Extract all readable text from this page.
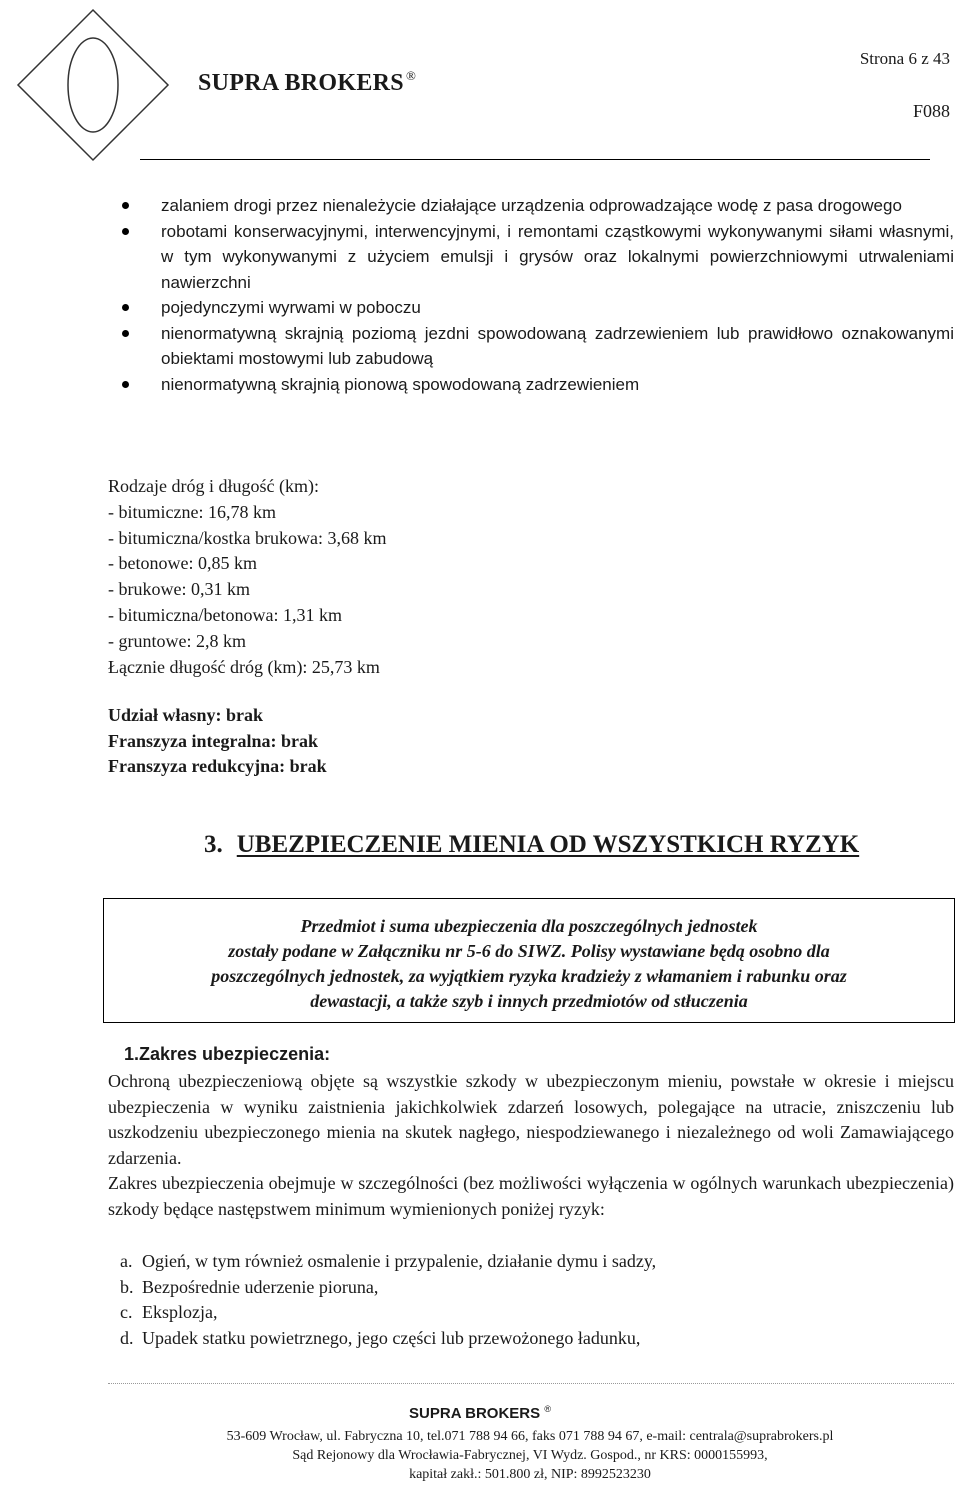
SUPRA BROKERS ®
Strona 6 z 43
F088
zalaniem drogi przez nienależycie działające urządzenia odprowadzające wodę z pasa drogowego
robotami konserwacyjnymi, interwencyjnymi, i remontami cząstkowymi wykonywanymi siłami własnymi, w tym wykonywanymi z użyciem emulsji i grysów oraz lokalnymi powierzchniowymi utrwaleniami nawierzchni
pojedynczymi wyrwami w poboczu
nienormatywną skrajnią poziomą jezdni spowodowaną zadrzewieniem lub prawidłowo oznakowanymi obiektami mostowymi lub zabudową
nienormatywną skrajnią pionową spowodowaną zadrzewieniem
Rodzaje dróg i długość (km):
- bitumiczne: 16,78 km
- bitumiczna/kostka brukowa: 3,68 km
- betonowe: 0,85 km
- brukowe: 0,31 km
- bitumiczna/betonowa: 1,31 km
- gruntowe: 2,8 km
Łącznie długość dróg (km): 25,73 km
Udział własny: brak
Franszyza integralna: brak
Franszyza redukcyjna: brak
3. UBEZPIECZENIE MIENIA OD WSZYSTKICH RYZYK
Przedmiot i suma ubezpieczenia dla poszczególnych jednostek
zostały podane w Załączniku nr 5-6 do SIWZ. Polisy wystawiane będą osobno dla
poszczególnych jednostek, za wyjątkiem ryzyka kradzieży z włamaniem i rabunku oraz
dewastacji, a także szyb i innych przedmiotów od stłuczenia
1.Zakres ubezpieczenia:

Ochroną ubezpieczeniową objęte są wszystkie szkody w ubezpieczonym mieniu, powstałe w okresie i miejscu ubezpieczenia w wyniku zaistnienia jakichkolwiek zdarzeń losowych, polegające na utracie, zniszczeniu lub uszkodzeniu ubezpieczonego mienia na skutek nagłego, niespodziewanego i niezależnego od woli Zamawiającego zdarzenia.

Zakres ubezpieczenia obejmuje w szczególności (bez możliwości wyłączenia w ogólnych warunkach ubezpieczenia) szkody będące następstwem minimum wymienionych poniżej ryzyk:

a. Ogień, w tym również osmalenie i przypalenie, działanie dymu i sadzy,
b. Bezpośrednie uderzenie pioruna,
c. Eksplozja,
d. Upadek statku powietrznego, jego części lub przewożonego ładunku,
SUPRA BROKERS ®
53-609 Wrocław, ul. Fabryczna 10, tel.071 788 94 66, faks 071 788 94 67, e-mail: centrala@suprabrokers.pl
Sąd Rejonowy dla Wrocławia-Fabrycznej, VI Wydz. Gospod., nr KRS: 0000155993,
kapitał zakł.: 501.800 zł, NIP: 8992523230
